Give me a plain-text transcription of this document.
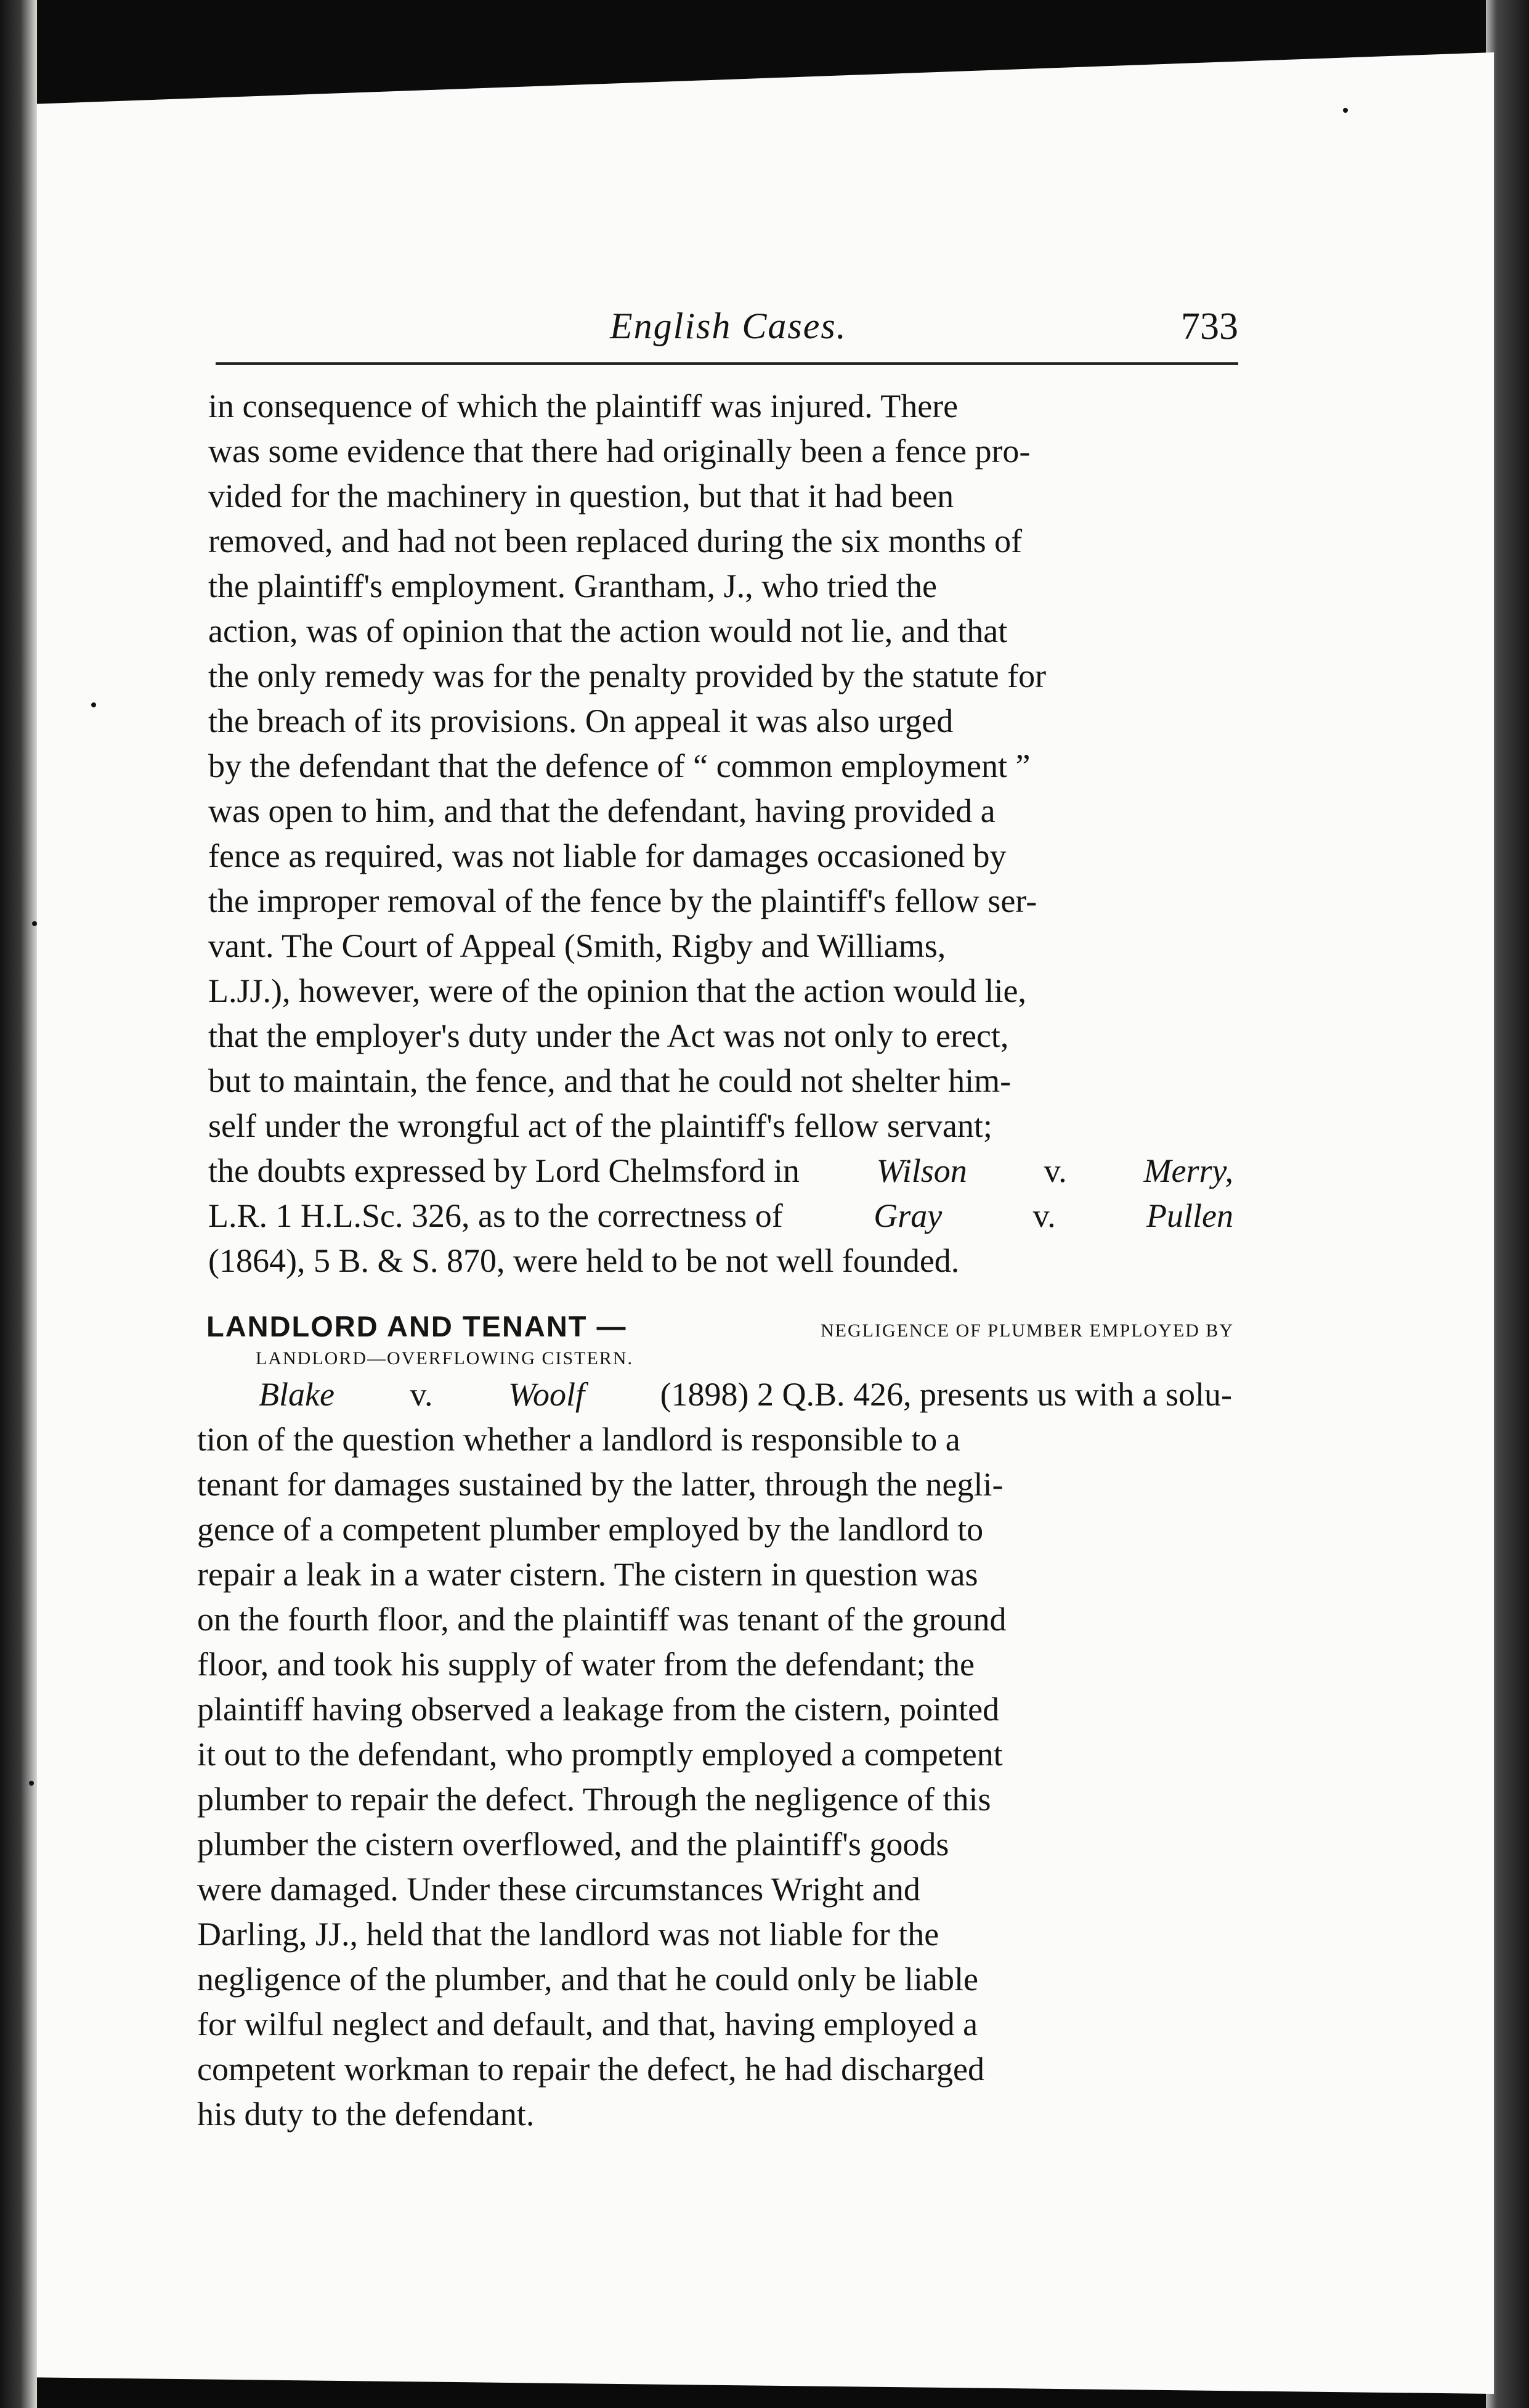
English Cases.	733
in consequence of which the plaintiff was injured. There
was some evidence that there had originally been a fence pro-
vided for the machinery in question, but that it had been
removed, and had not been replaced during the six months of
the plaintiff's employment. Grantham, J., who tried the
action, was of opinion that the action would not lie, and that
the only remedy was for the penalty provided by the statute for
the breach of its provisions. On appeal it was also urged
by the defendant that the defence of “ common employment ”
was open to him, and that the defendant, having provided a
fence as required, was not liable for damages occasioned by
the improper removal of the fence by the plaintiff's fellow ser-
vant. The Court of Appeal (Smith, Rigby and Williams,
L.JJ.), however, were of the opinion that the action would lie,
that the employer's duty under the Act was not only to erect,
but to maintain, the fence, and that he could not shelter him-
self under the wrongful act of the plaintiff's fellow servant;
the doubts expressed by Lord Chelmsford in Wilson v. Merry,
L.R. 1 H.L.Sc. 326, as to the correctness of	Gray	v.	Pullen
(1864), 5 B. & S. 870, were held to be not well founded.
LANDLORD AND TENANT —	NEGLIGENCE OF PLUMBER EMPLOYED BY
LANDLORD—OVERFLOWING CISTERN.
Blake v. Woolf (1898) 2 Q.B. 426, presents us with a solu-
tion of the question whether a landlord is responsible to a
tenant for damages sustained by the latter, through the negli-
gence of a competent plumber employed by the landlord to
repair a leak in a water cistern. The cistern in question was
on the fourth floor, and the plaintiff was tenant of the ground
floor, and took his supply of water from the defendant; the
plaintiff having observed a leakage from the cistern, pointed
it out to the defendant, who promptly employed a competent
plumber to repair the defect. Through the negligence of this
plumber the cistern overflowed, and the plaintiff's goods
were damaged. Under these circumstances Wright and
Darling, JJ., held that the landlord was not liable for the
negligence of the plumber, and that he could only be liable
for wilful neglect and default, and that, having employed a
competent workman to repair the defect, he had discharged
his duty to the defendant.
